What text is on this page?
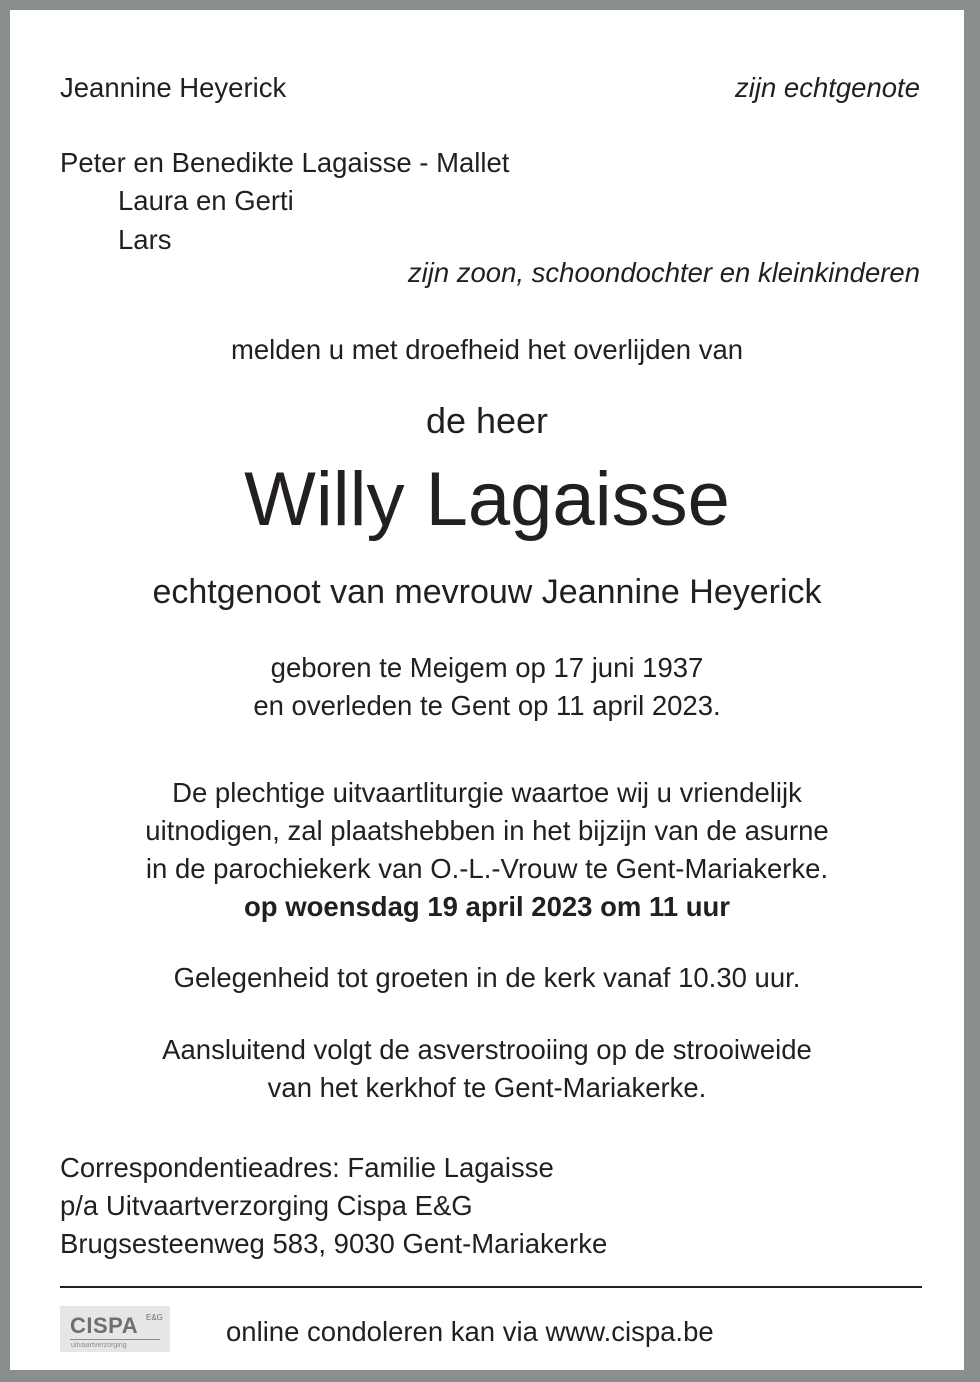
Jeannine Heyerick	zijn echtgenote
Peter en Benedikte Lagaisse - Mallet
Laura en Gerti
Lars
zijn zoon, schoondochter en kleinkinderen
melden u met droefheid het overlijden van
de heer
Willy Lagaisse
echtgenoot van mevrouw Jeannine Heyerick
geboren te Meigem op 17 juni 1937
en overleden te Gent op 11 april 2023.
De plechtige uitvaartliturgie waartoe wij u vriendelijk
uitnodigen, zal plaatshebben in het bijzijn van de asurne
in de parochiekerk van O.-L.-Vrouw te Gent-Mariakerke.
op woensdag 19 april 2023 om 11 uur
Gelegenheid tot groeten in de kerk vanaf 10.30 uur.
Aansluitend volgt de asverstrooiing op de strooiweide
van het kerkhof te Gent-Mariakerke.
Correspondentieadres: Familie Lagaisse
p/a Uitvaartverzorging Cispa E&G
Brugsesteenweg 583, 9030 Gent-Mariakerke
CISPA E&G
uitvaartverzorging	online condoleren kan via www.cispa.be
